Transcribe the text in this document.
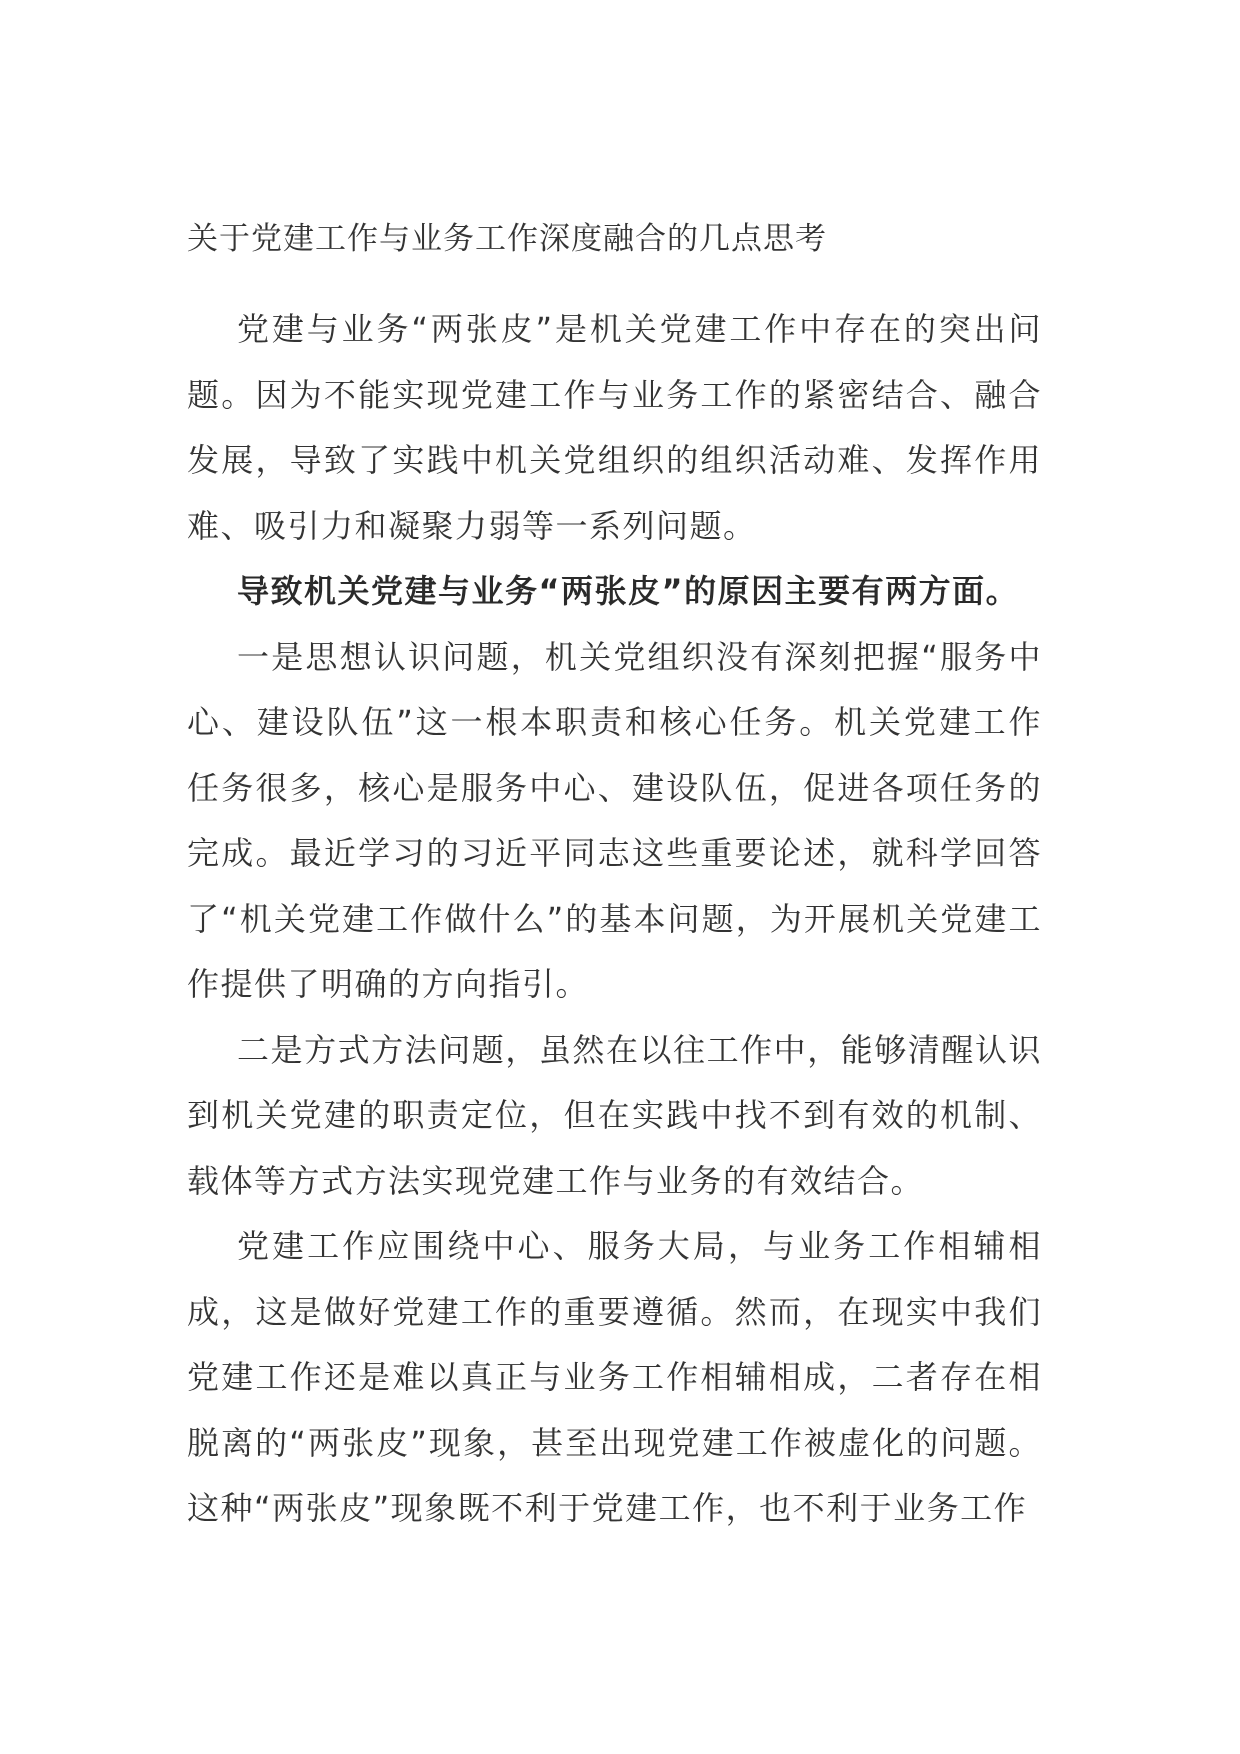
关于党建工作与业务工作深度融合的几点思考

党建与业务“两张皮”是机关党建工作中存在的突出问题。因为不能实现党建工作与业务工作的紧密结合、融合发展，导致了实践中机关党组织的组织活动难、发挥作用难、吸引力和凝聚力弱等一系列问题。

导致机关党建与业务“两张皮”的原因主要有两方面。

一是思想认识问题，机关党组织没有深刻把握“服务中心、建设队伍”这一根本职责和核心任务。机关党建工作任务很多，核心是服务中心、建设队伍，促进各项任务的完成。最近学习的习近平同志这些重要论述，就科学回答了“机关党建工作做什么”的基本问题，为开展机关党建工作提供了明确的方向指引。

二是方式方法问题，虽然在以往工作中，能够清醒认识到机关党建的职责定位，但在实践中找不到有效的机制、载体等方式方法实现党建工作与业务的有效结合。

党建工作应围绕中心、服务大局，与业务工作相辅相成，这是做好党建工作的重要遵循。然而，在现实中我们党建工作还是难以真正与业务工作相辅相成，二者存在相脱离的“两张皮”现象，甚至出现党建工作被虚化的问题。这种“两张皮”现象既不利于党建工作，也不利于业务工作
